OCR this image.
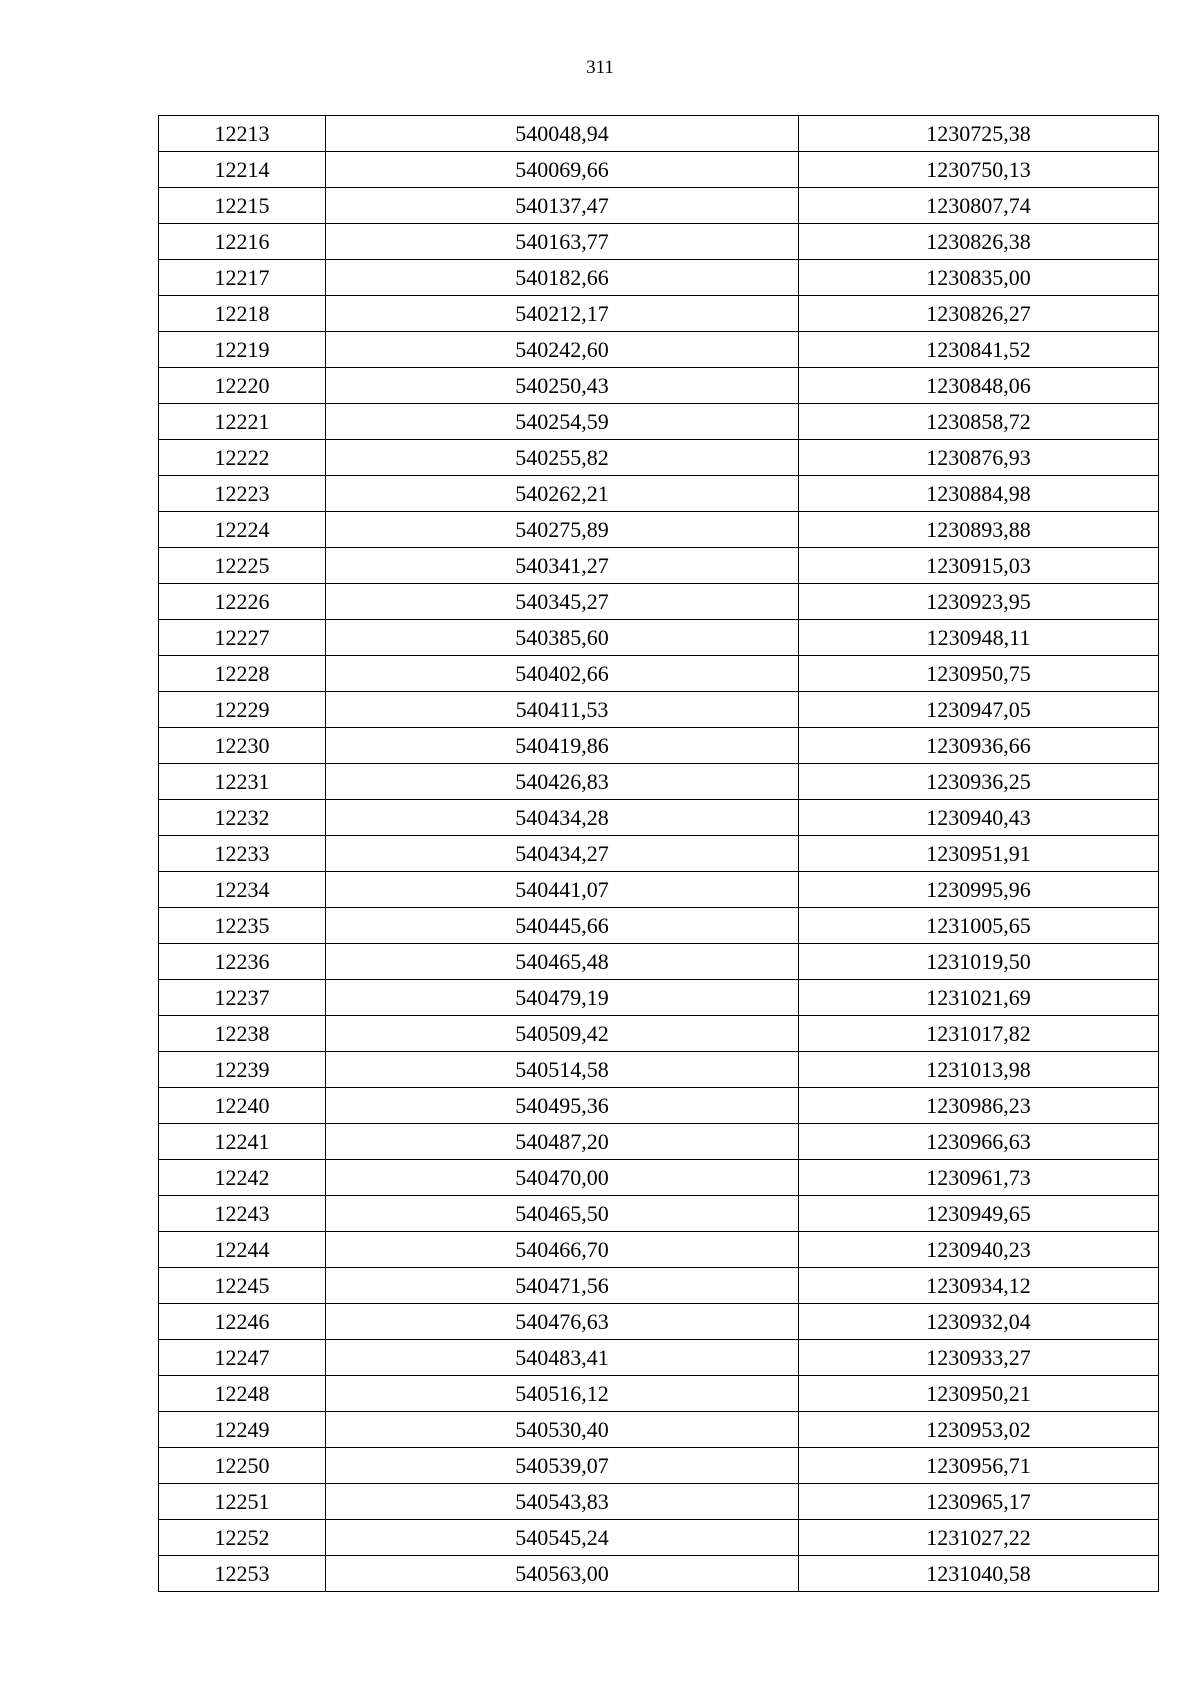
311
12213	540048,94	1230725,38
12214	540069,66	1230750,13
12215	540137,47	1230807,74
12216	540163,77	1230826,38
12217	540182,66	1230835,00
12218	540212,17	1230826,27
12219	540242,60	1230841,52
12220	540250,43	1230848,06
12221	540254,59	1230858,72
12222	540255,82	1230876,93
12223	540262,21	1230884,98
12224	540275,89	1230893,88
12225	540341,27	1230915,03
12226	540345,27	1230923,95
12227	540385,60	1230948,11
12228	540402,66	1230950,75
12229	540411,53	1230947,05
12230	540419,86	1230936,66
12231	540426,83	1230936,25
12232	540434,28	1230940,43
12233	540434,27	1230951,91
12234	540441,07	1230995,96
12235	540445,66	1231005,65
12236	540465,48	1231019,50
12237	540479,19	1231021,69
12238	540509,42	1231017,82
12239	540514,58	1231013,98
12240	540495,36	1230986,23
12241	540487,20	1230966,63
12242	540470,00	1230961,73
12243	540465,50	1230949,65
12244	540466,70	1230940,23
12245	540471,56	1230934,12
12246	540476,63	1230932,04
12247	540483,41	1230933,27
12248	540516,12	1230950,21
12249	540530,40	1230953,02
12250	540539,07	1230956,71
12251	540543,83	1230965,17
12252	540545,24	1231027,22
12253	540563,00	1231040,58
